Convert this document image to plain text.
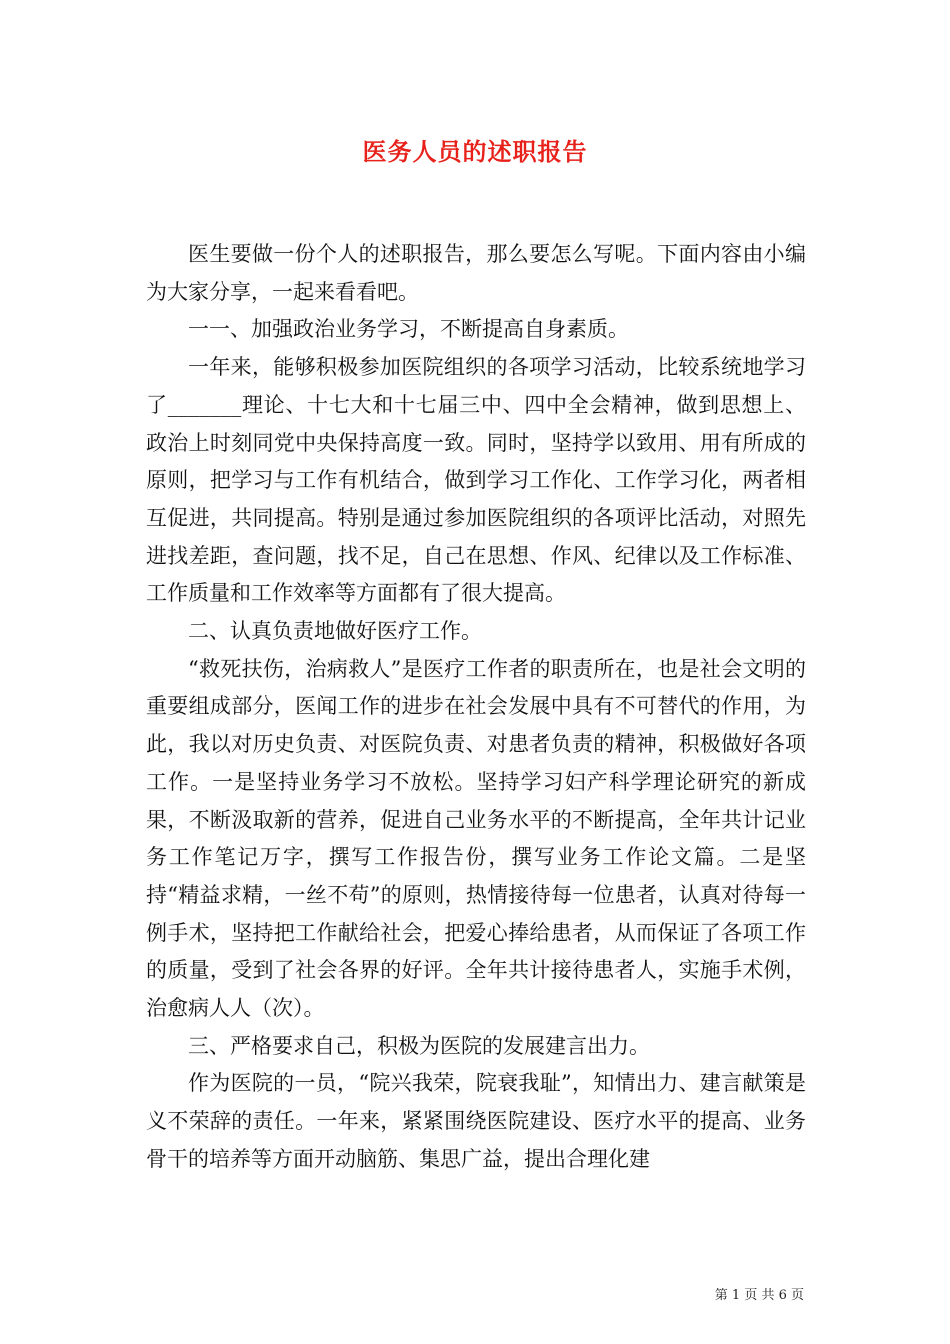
医务人员的述职报告

医生要做一份个人的述职报告，那么要怎么写呢。下面内容由小编为大家分享，一起来看看吧。

一一、加强政治业务学习，不断提高自身素质。

一年来，能够积极参加医院组织的各项学习活动，比较系统地学习了_______理论、十七大和十七届三中、四中全会精神，做到思想上、政治上时刻同党中央保持高度一致。同时，坚持学以致用、用有所成的原则，把学习与工作有机结合，做到学习工作化、工作学习化，两者相互促进，共同提高。特别是通过参加医院组织的各项评比活动，对照先进找差距，查问题，找不足，自己在思想、作风、纪律以及工作标准、工作质量和工作效率等方面都有了很大提高。

二、认真负责地做好医疗工作。

“救死扶伤，治病救人”是医疗工作者的职责所在，也是社会文明的重要组成部分，医闻工作的进步在社会发展中具有不可替代的作用，为此，我以对历史负责、对医院负责、对患者负责的精神，积极做好各项工作。一是坚持业务学习不放松。坚持学习妇产科学理论研究的新成果，不断汲取新的营养，促进自己业务水平的不断提高，全年共计记业务工作笔记万字，撰写工作报告份，撰写业务工作论文篇。二是坚持“精益求精，一丝不苟”的原则，热情接待每一位患者，认真对待每一例手术，坚持把工作献给社会，把爱心捧给患者，从而保证了各项工作的质量，受到了社会各界的好评。全年共计接待患者人，实施手术例，治愈病人人（次）。

三、严格要求自己，积极为医院的发展建言出力。

作为医院的一员，“院兴我荣，院衰我耻”，知情出力、建言献策是义不荣辞的责任。一年来，紧紧围绕医院建设、医疗水平的提高、业务骨干的培养等方面开动脑筋、集思广益，提出合理化建

第 1 页 共 6 页
